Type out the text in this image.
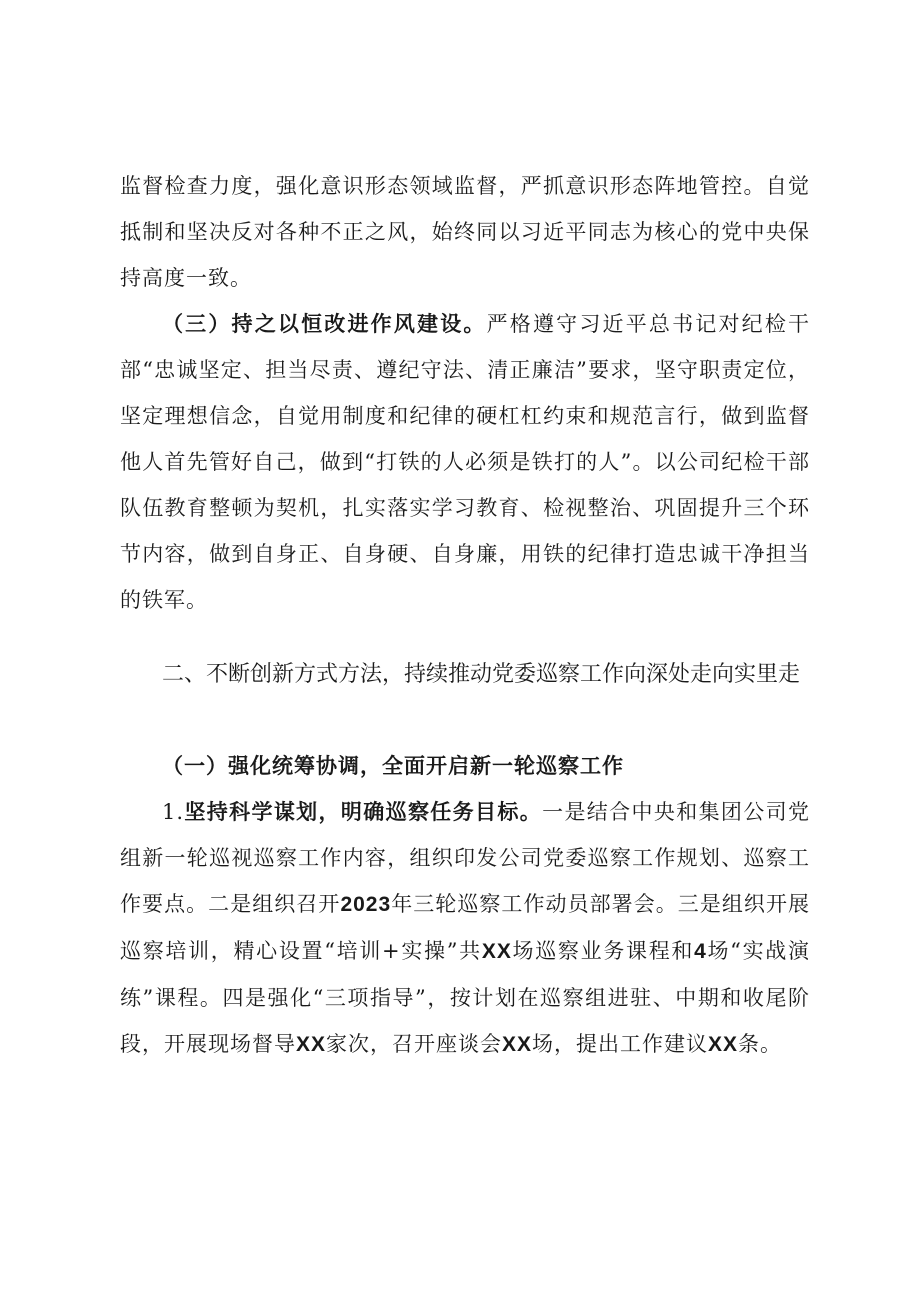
监督检查力度，强化意识形态领域监督，严抓意识形态阵地管控。自觉抵制和坚决反对各种不正之风，始终同以习近平同志为核心的党中央保持高度一致。

（三）持之以恒改进作风建设。严格遵守习近平总书记对纪检干部“忠诚坚定、担当尽责、遵纪守法、清正廉洁”要求，坚守职责定位，坚定理想信念，自觉用制度和纪律的硬杠杠约束和规范言行，做到监督他人首先管好自己，做到“打铁的人必须是铁打的人”。以公司纪检干部队伍教育整顿为契机，扎实落实学习教育、检视整治、巩固提升三个环节内容，做到自身正、自身硬、自身廉，用铁的纪律打造忠诚干净担当的铁军。

二、不断创新方式方法，持续推动党委巡察工作向深处走向实里走

（一）强化统筹协调，全面开启新一轮巡察工作

1.坚持科学谋划，明确巡察任务目标。一是结合中央和集团公司党组新一轮巡视巡察工作内容，组织印发公司党委巡察工作规划、巡察工作要点。二是组织召开2023年三轮巡察工作动员部署会。三是组织开展巡察培训，精心设置“培训+实操”共XX场巡察业务课程和4场“实战演练”课程。四是强化“三项指导”，按计划在巡察组进驻、中期和收尾阶段，开展现场督导XX家次，召开座谈会XX场，提出工作建议XX条。
